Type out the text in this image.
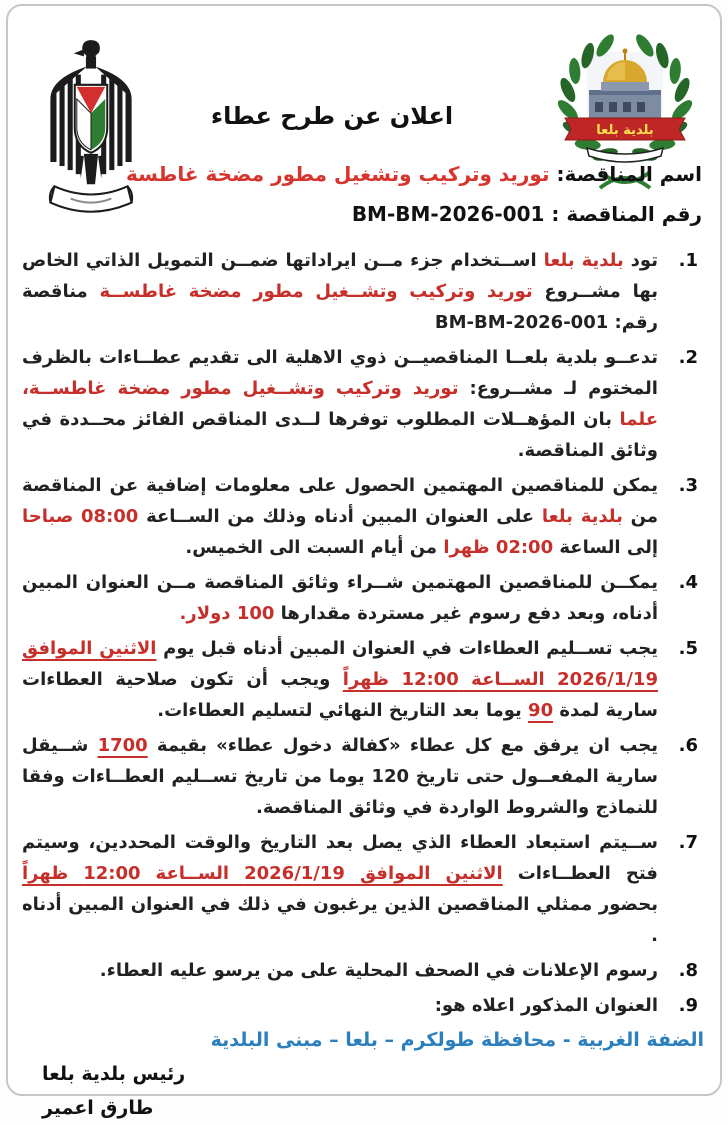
بلدية بلعا
اعلان عن طرح عطاء
اسم المناقصة: توريد وتركيب وتشغيل مطور مضخة غاطسة
رقم المناقصة : BM-BM-2026-001
1.
تود بلدية بلعا اســتخدام جزء مــن ايراداتها ضمــن التمويل الذاتي الخاص بها مشــروع توريد وتركيب وتشــغيل مطور مضخة غاطســة مناقصة رقم: BM-BM-2026-001
2.
تدعــو بلدية بلعــا المناقصيــن ذوي الاهلية الى تقديم عطــاءات بالظرف المختوم لـ مشــروع: توريد وتركيب وتشــغيل مطور مضخة غاطســة، علما بان المؤهــلات المطلوب توفرها لــدى المناقص الفائز محــددة في وثائق المناقصة.
3.
يمكن للمناقصين المهتمين الحصول على معلومات إضافية عن المناقصة من بلدية بلعا على العنوان المبين أدناه وذلك من الســاعة 08:00 صباحا إلى الساعة 02:00 ظهرا من أيام السبت الى الخميس.
4.
يمكــن للمناقصين المهتمين شــراء وثائق المناقصة مــن العنوان المبين أدناه، وبعد دفع رسوم غير مستردة مقدارها 100 دولار.
5.
يجب تســليم العطاءات في العنوان المبين أدناه قبل يوم الاثنين الموافق 2026/1/19 الســاعة 12:00 ظهراً ويجب أن تكون صلاحية العطاءات سارية لمدة 90 يوما بعد التاريخ النهائي لتسليم العطاءات.
6.
يجب ان يرفق مع كل عطاء «كفالة دخول عطاء» بقيمة 1700 شــيقل سارية المفعــول حتى تاريخ 120 يوما من تاريخ تســليم العطــاءات وفقا للنماذج والشروط الواردة في وثائق المناقصة.
7.
ســيتم استبعاد العطاء الذي يصل بعد التاريخ والوقت المحددين، وسيتم فتح العطــاءات الاثنين الموافق 2026/1/19 الســاعة 12:00 ظهراً بحضور ممثلي المناقصين الذين يرغبون في ذلك في العنوان المبين أدناه .
8.
رسوم الإعلانات في الصحف المحلية على من يرسو عليه العطاء.
9.
العنوان المذكور اعلاه هو:
الضفة الغربية - محافظة طولكرم – بلعا – مبنى البلدية
رئيس بلدية بلعا
طارق اعمير
